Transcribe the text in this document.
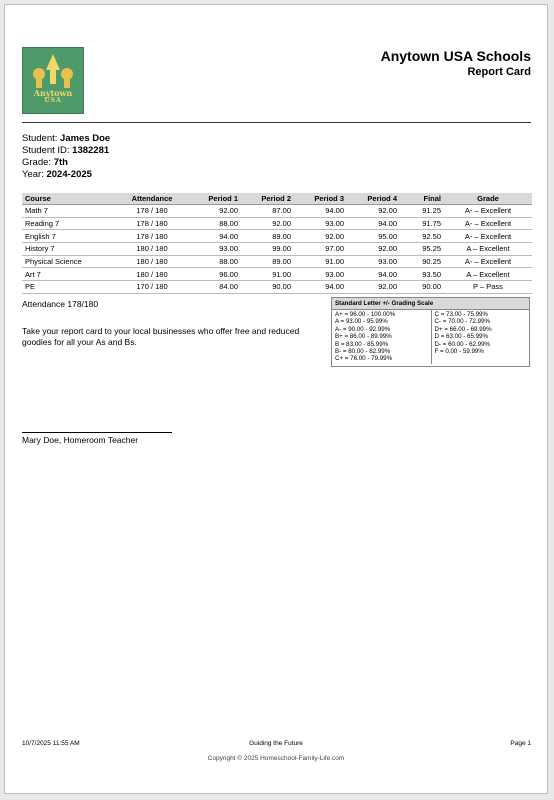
Anytown
USA
Anytown USA Schools
Report Card
Student: James Doe
Student ID: 1382281
Grade: 7th
Year: 2024-2025
Course	Attendance	Period 1	Period 2	Period 3	Period 4	Final	Grade
Math 7	178 / 180	92.00	87.00	94.00	92.00	91.25	A- – Excellent
Reading 7	178 / 180	88.00	92.00	93.00	94.00	91.75	A- – Excellent
English 7	178 / 180	94.00	89.00	92.00	95.00	92.50	A- – Excellent
History 7	180 / 180	93.00	99.00	97.00	92.00	95.25	A – Excellent
Physical Science	180 / 180	88.00	89.00	91.00	93.00	90.25	A- – Excellent
Art 7	180 / 180	96.00	91.00	93.00	94.00	93.50	A – Excellent
PE	170 / 180	84.00	90.00	94.00	92.00	90.00	P – Pass
Attendance 178/180
Take your report card to your local businesses who offer free and reduced goodies for all your As and Bs.
Standard Letter +/- Grading Scale
A+ = 96.00 - 100.00%
A = 93.00 - 95.99%
A- = 90.00 - 92.99%
B+ = 86.00 - 89.99%
B = 83.00 - 85.99%
B- = 80.00 - 82.99%
C+ = 76.00 - 79.99%
C = 73.00 - 75.99%
C- = 70.00 - 72.99%
D+ = 66.00 - 69.99%
D = 63.00 - 65.99%
D- = 60.00 - 62.99%
F = 0.00 - 59.99%
Mary Doe, Homeroom Teacher
Guiding the Future
10/7/2025 11:55 AM	Page 1
Copyright © 2025 Homeschool-Family-Life.com
